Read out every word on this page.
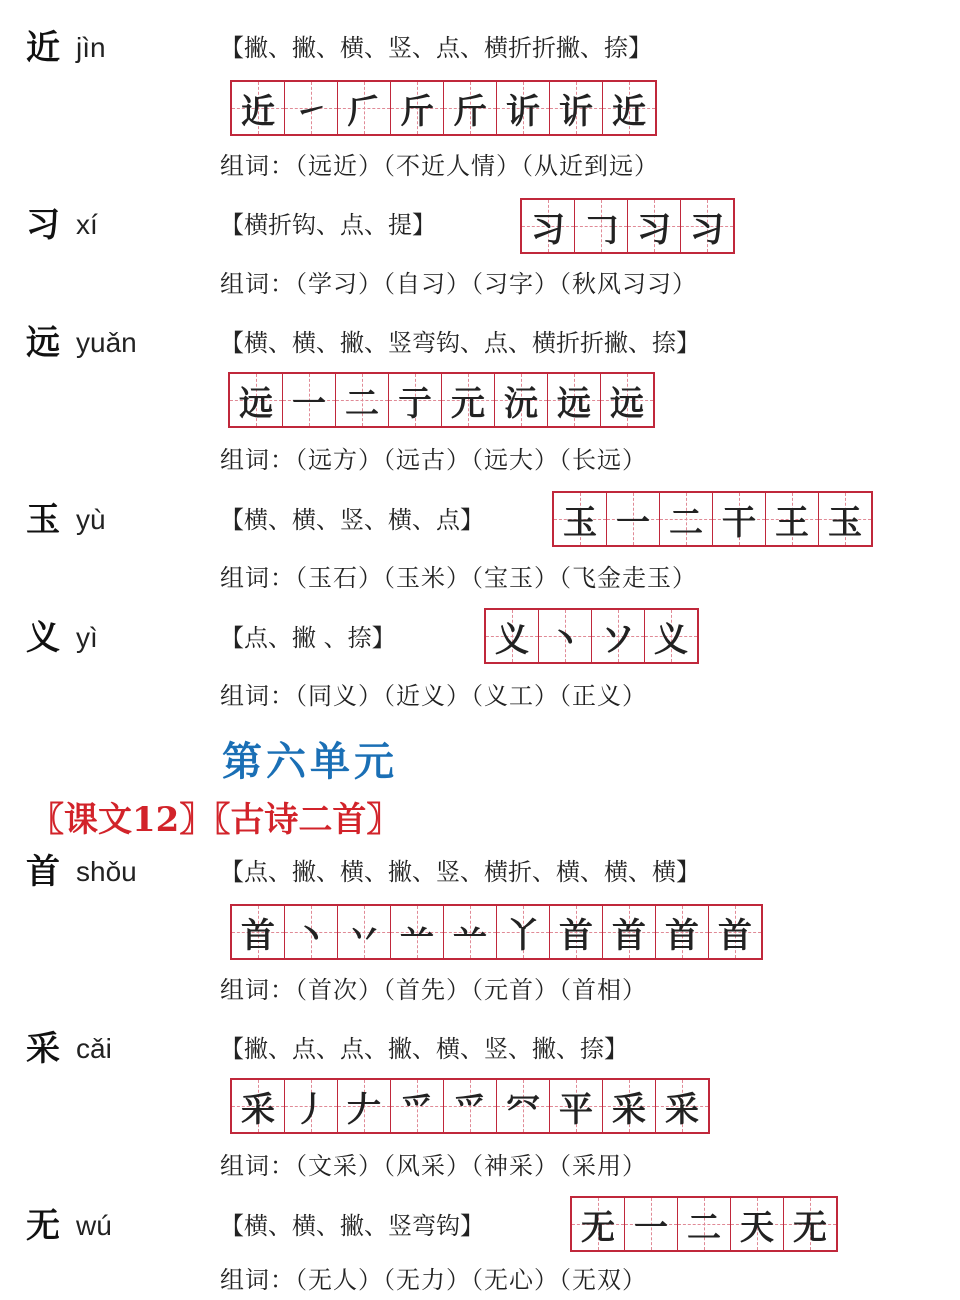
近 jìn	【撇、撇、横、竖、点、横折折撇、捺】
近 ㇀ 𠂆 斤 斤 䜣 䜣 近
组词：（远近）（不近人情）（从近到远）
习 xí	【横折钩、点、提】	习 𠃌 习 习
组词：（学习）（自习）（习字）（秋风习习）
远 yuǎn	【横、横、撇、竖弯钩、点、横折折撇、捺】
远 一 二 亍 元 沅 远 远
组词：（远方）（远古）（远大）（长远）
玉 yù	【横、横、竖、横、点】 玉 一 二 干 王 玉
组词：（玉石）（玉米）（宝玉）（飞金走玉）
义 yì	【点、撇 、捺】	义 丶 ソ 义
组词：（同义）（近义）（义工）（正义）
第六单元
〖课文12〗〖古诗二首〗
首 shǒu	【点、撇、横、撇、竖、横折、横、横、横】
首 丶 丷 䒑 䒑 丫 首 首 首 首
组词：（首次）（首先）（元首）（首相）
采 cǎi	【撇、点、点、撇、横、竖、撇、捺】
采 丿 𠂇 爫 爫 㓁 平 采 采
组词：（文采）（风采）（神采）（采用）
无 wú	【横、横、撇、竖弯钩】	无 一 二 天 无
组词：（无人）（无力）（无心）（无双）
